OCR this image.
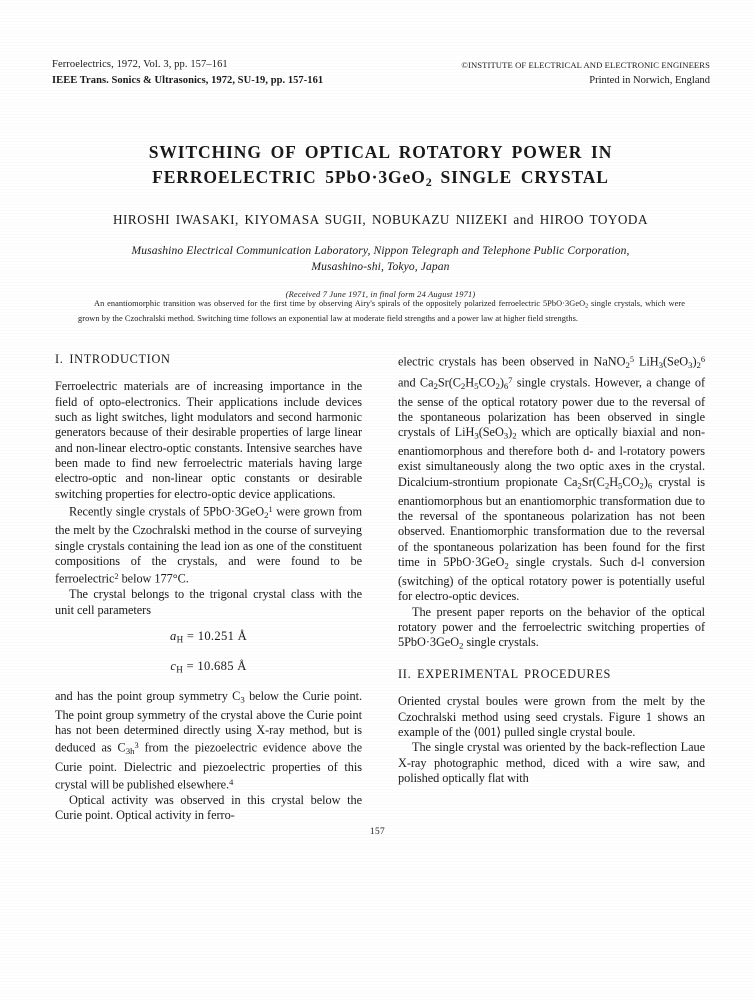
Ferroelectrics, 1972, Vol. 3, pp. 157–161
IEEE Trans. Sonics & Ultrasonics, 1972, SU-19, pp. 157-161
©INSTITUTE OF ELECTRICAL AND ELECTRONIC ENGINEERS
Printed in Norwich, England
SWITCHING OF OPTICAL ROTATORY POWER IN
FERROELECTRIC 5PbO·3GeO$_2$ SINGLE CRYSTAL
HIROSHI IWASAKI, KIYOMASA SUGII, NOBUKAZU NIIZEKI and HIROO TOYODA
Musashino Electrical Communication Laboratory, Nippon Telegraph and Telephone Public Corporation,
Musashino-shi, Tokyo, Japan
(Received 7 June 1971, in final form 24 August 1971)
An enantiomorphic transition was observed for the first time by observing Airy's spirals of the oppositely polarized ferroelectric 5PbO·3GeO$_2$ single crystals, which were grown by the Czochralski method. Switching time follows an exponential law at moderate field strengths and a power law at higher field strengths.
I. INTRODUCTION

Ferroelectric materials are of increasing importance in the field of opto-electronics. Their applications include devices such as light switches, light modulators and second harmonic generators because of their desirable properties of large linear and non-linear electro-optic constants. Intensive searches have been made to find new ferroelectric materials having large electro-optic and non-linear optic constants or desirable switching properties for electro-optic device applications.

Recently single crystals of 5PbO·3GeO$_2^1$ were grown from the melt by the Czochralski method in the course of surveying single crystals containing the lead ion as one of the constituent compositions of the crystals, and were found to be ferroelectric$^2$ below 177°C.

The crystal belongs to the trigonal crystal class with the unit cell parameters

$a_H = 10.251$ Å
$c_H = 10.685$ Å

and has the point group symmetry $C_3$ below the Curie point. The point group symmetry of the crystal above the Curie point has not been determined directly using X-ray method, but is deduced as $C_{3h}^3$ from the piezoelectric evidence above the Curie point. Dielectric and piezoelectric properties of this crystal will be published elsewhere.$^4$

Optical activity was observed in this crystal below the Curie point. Optical activity in ferro-

electric crystals has been observed in NaNO$_2^5$ $LiH_3(SeO_3)_2^6$ and $Ca_2Sr(C_2H_5CO_2)_6^7$ single crystals. However, a change of the sense of the optical rotatory power due to the reversal of the spontaneous polarization has been observed in single crystals of $LiH_3(SeO_3)_2$ which are optically biaxial and non-enantiomorphous and therefore both d- and l-rotatory powers exist simultaneously along the two optic axes in the crystal. Dicalcium-strontium propionate $Ca_2Sr(C_2H_5CO_2)_6$ crystal is enantiomorphous but an enantiomorphic transformation due to the reversal of the spontaneous polarization has not been observed. Enantiomorphic transformation due to the reversal of the spontaneous polarization has been found for the first time in 5PbO·3GeO$_2$ single crystals. Such d-l conversion (switching) of the optical rotatory power is potentially useful for electro-optic devices.

The present paper reports on the behavior of the optical rotatory power and the ferroelectric switching properties of 5PbO·3GeO$_2$ single crystals.

II. EXPERIMENTAL PROCEDURES

Oriented crystal boules were grown from the melt by the Czochralski method using seed crystals. Figure 1 shows an example of the ⟨001⟩ pulled single crystal boule.

The single crystal was oriented by the back-reflection Laue X-ray photographic method, diced with a wire saw, and polished optically flat with

157
